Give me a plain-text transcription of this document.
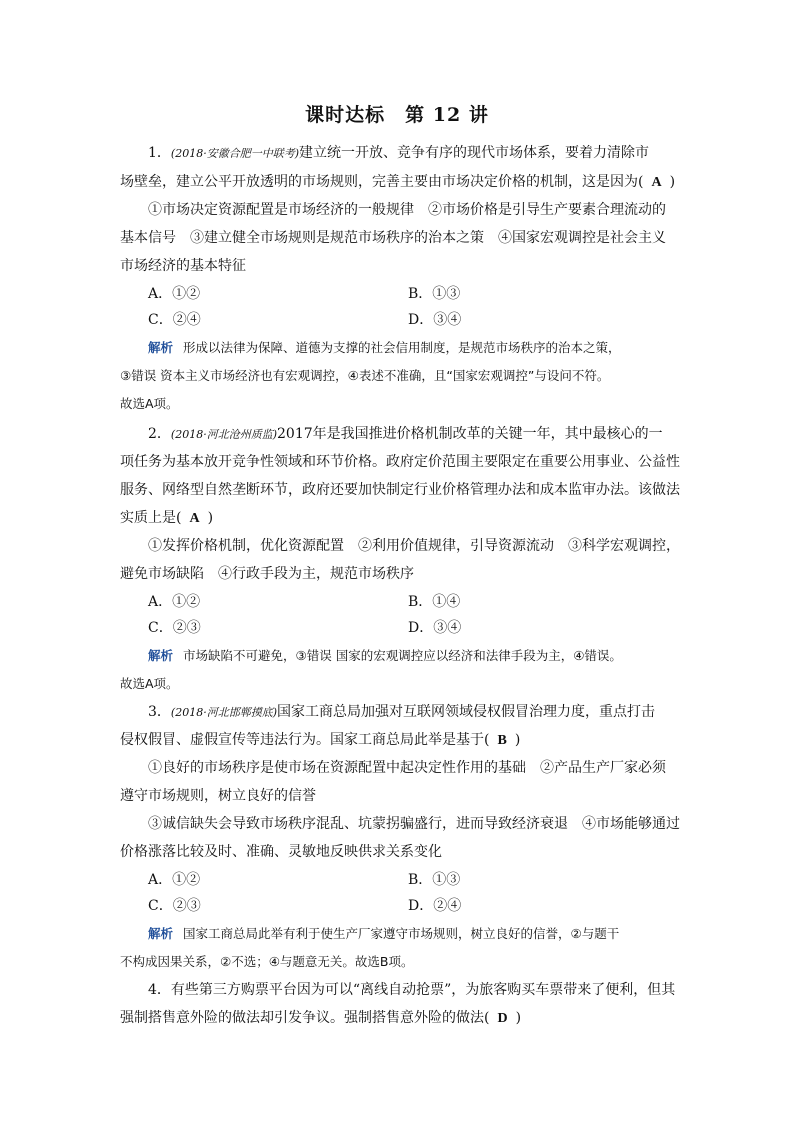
课时达标　第 12 讲
1．(2018·安徽合肥一中联考)建立统一开放、竞争有序的现代市场体系，要着力清除市
场壁垒，建立公平开放透明的市场规则，完善主要由市场决定价格的机制，这是因为( A )
①市场决定资源配置是市场经济的一般规律　②市场价格是引导生产要素合理流动的
基本信号　③建立健全市场规则是规范市场秩序的治本之策　④国家宏观调控是社会主义
市场经济的基本特征
A．①②	B．①③
C．②④	D．③④
解析 形成以法律为保障、道德为支撑的社会信用制度，是规范市场秩序的治本之策，
③错误 资本主义市场经济也有宏观调控，④表述不准确，且“国家宏观调控”与设问不符。
故选A项。
2．(2018·河北沧州质监)2017年是我国推进价格机制改革的关键一年，其中最核心的一
项任务为基本放开竞争性领域和环节价格。政府定价范围主要限定在重要公用事业、公益性
服务、网络型自然垄断环节，政府还要加快制定行业价格管理办法和成本监审办法。该做法
实质上是( A )
①发挥价格机制，优化资源配置　②利用价值规律，引导资源流动　③科学宏观调控，
避免市场缺陷　④行政手段为主，规范市场秩序
A．①②	B．①④
C．②③	D．③④
解析 市场缺陷不可避免，③错误 国家的宏观调控应以经济和法律手段为主，④错误。
故选A项。
3．(2018·河北邯郸摸底)国家工商总局加强对互联网领域侵权假冒治理力度，重点打击
侵权假冒、虚假宣传等违法行为。国家工商总局此举是基于( B )
①良好的市场秩序是使市场在资源配置中起决定性作用的基础　②产品生产厂家必须
遵守市场规则，树立良好的信誉
③诚信缺失会导致市场秩序混乱、坑蒙拐骗盛行，进而导致经济衰退　④市场能够通过
价格涨落比较及时、准确、灵敏地反映供求关系变化
A．①②	B．①③
C．②③	D．②④
解析 国家工商总局此举有利于使生产厂家遵守市场规则，树立良好的信誉，②与题干
不构成因果关系，②不选；④与题意无关。故选B项。
4．有些第三方购票平台因为可以“离线自动抢票”，为旅客购买车票带来了便利，但其
强制搭售意外险的做法却引发争议。强制搭售意外险的做法( D )
